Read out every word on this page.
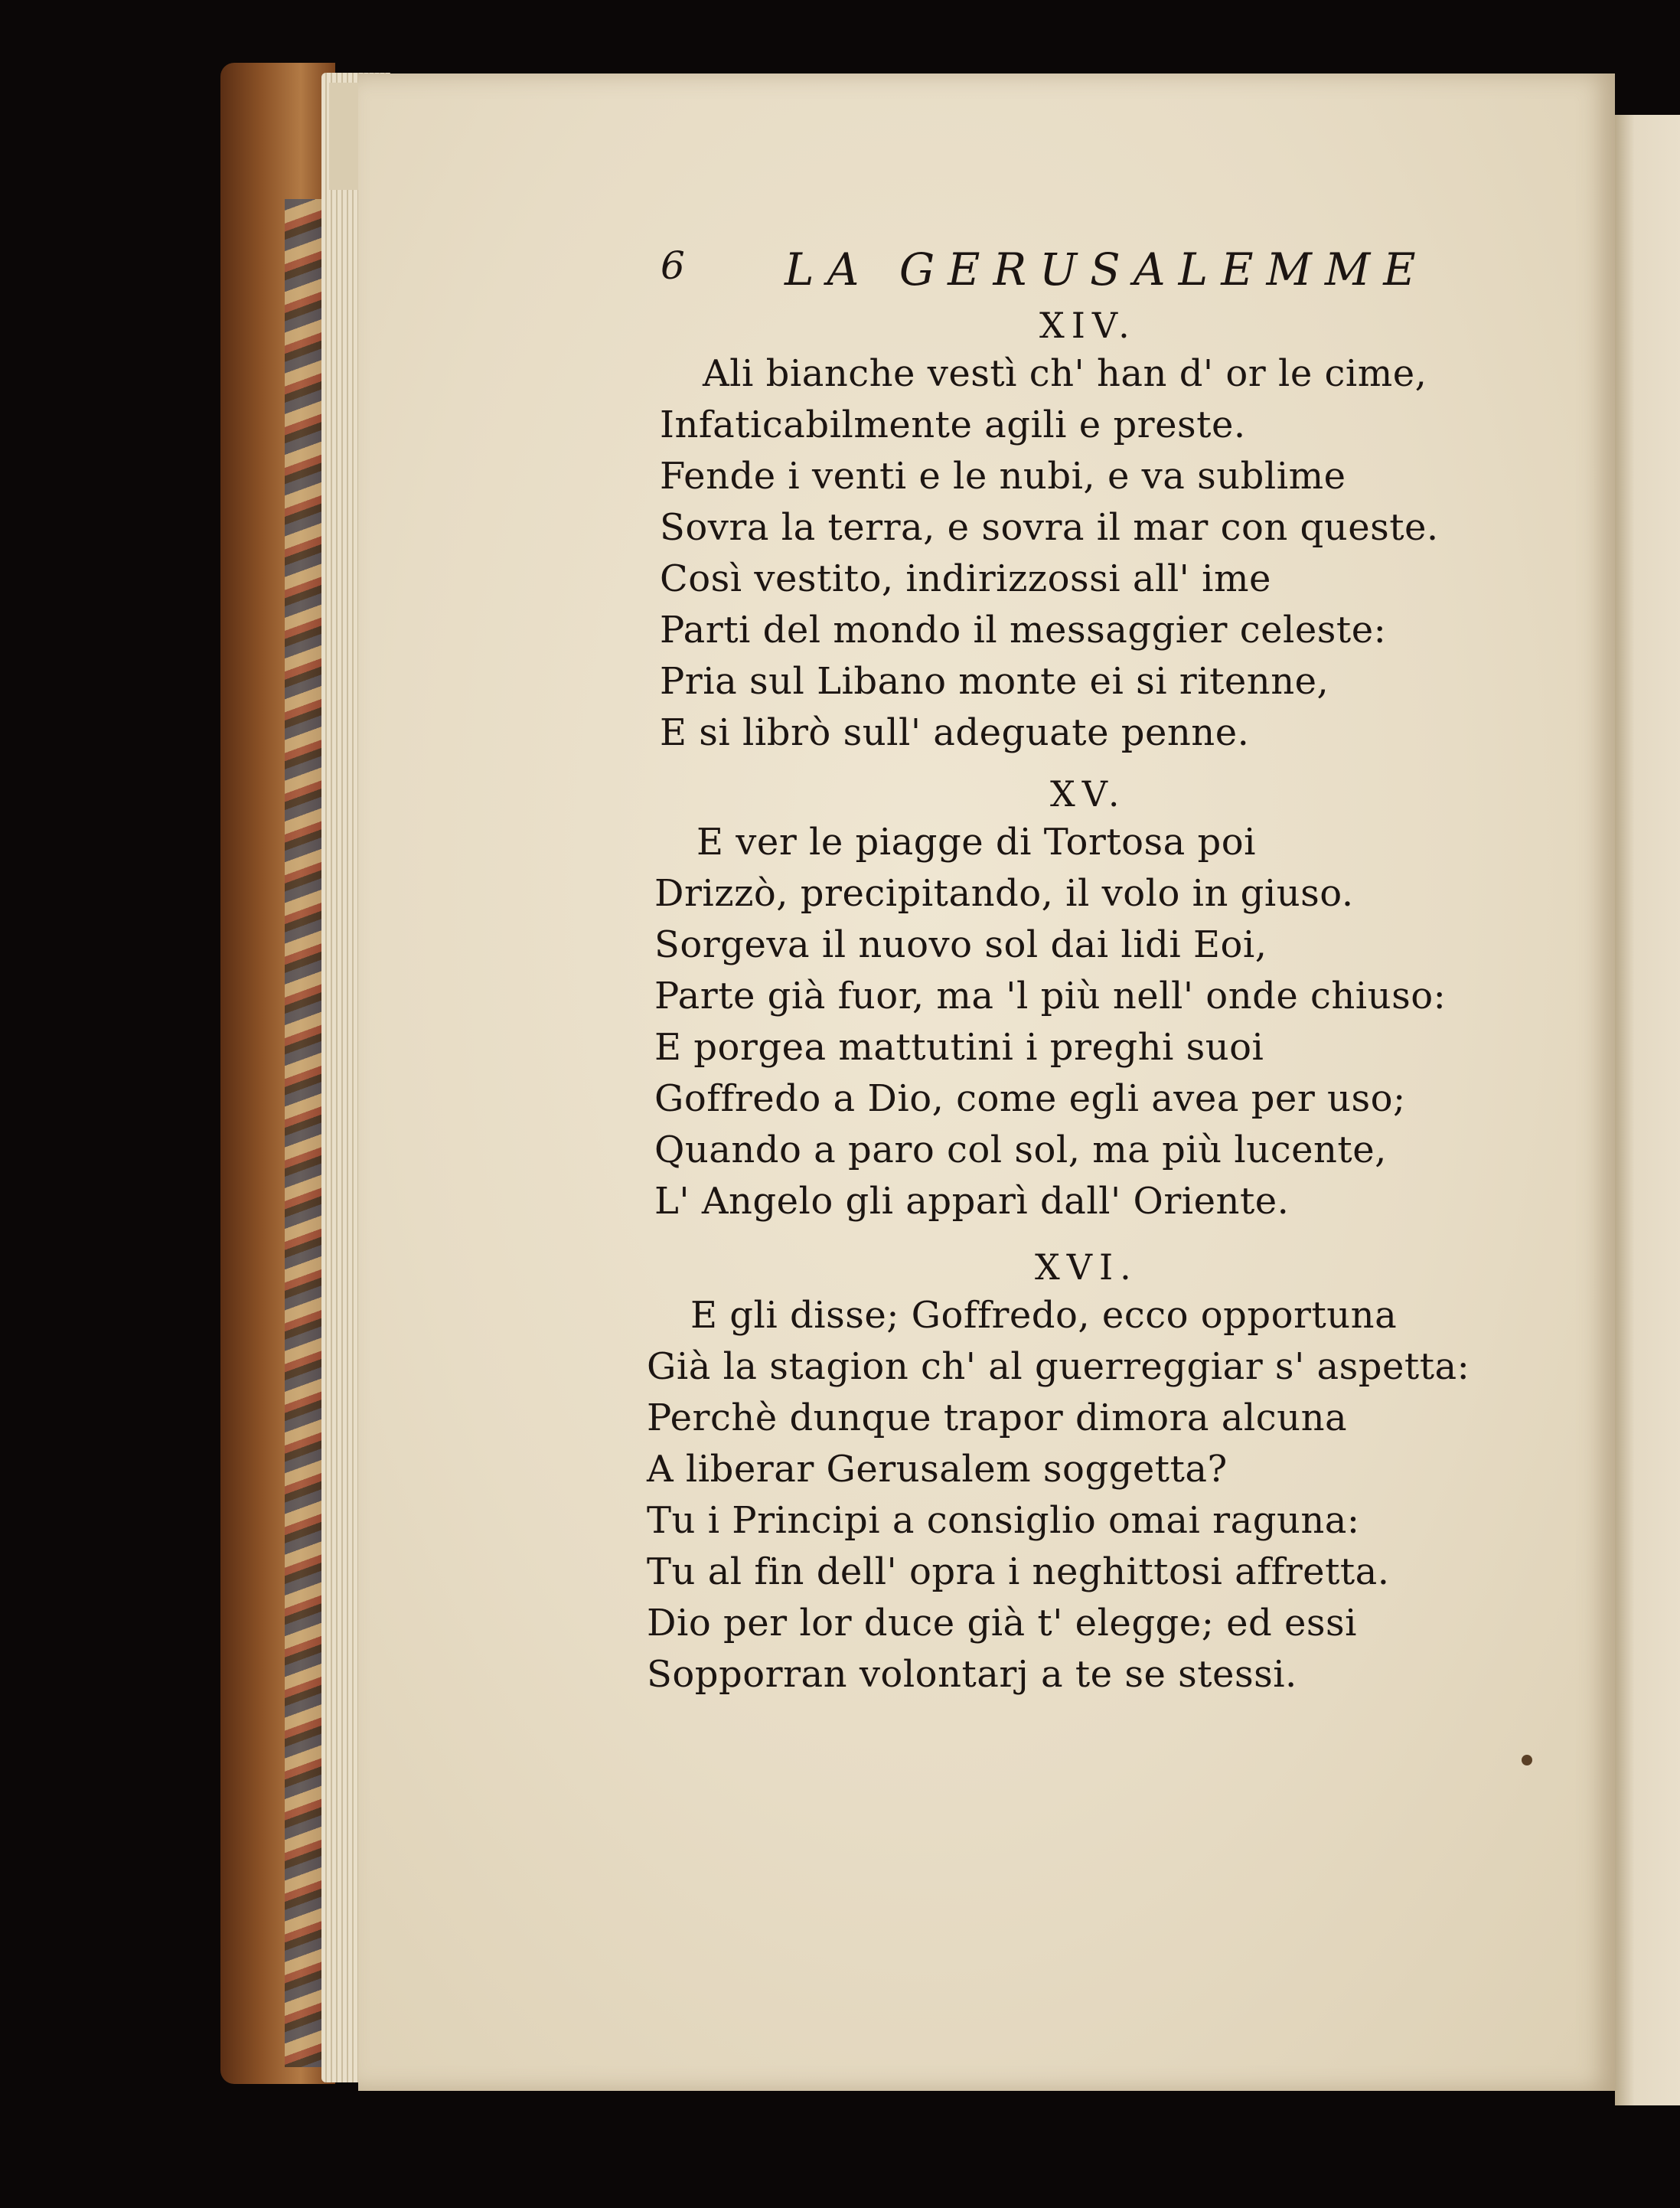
6 LA GERUSALEMME
XIV.
Ali bianche vestì ch' han d' or le cime,
Infaticabilmente agili e preste.
Fende i venti e le nubi, e va sublime
Sovra la terra, e sovra il mar con queste.
Così vestito, indirizzossi all' ime
Parti del mondo il messaggier celeste:
Pria sul Libano monte ei si ritenne,
E si librò sull' adeguate penne.
XV.
E ver le piagge di Tortosa poi
Drizzò, precipitando, il volo in giuso.
Sorgeva il nuovo sol dai lidi Eoi,
Parte già fuor, ma 'l più nell' onde chiuso:
E porgea mattutini i preghi suoi
Goffredo a Dio, come egli avea per uso;
Quando a paro col sol, ma più lucente,
L' Angelo gli apparì dall' Oriente.
XVI.
E gli disse; Goffredo, ecco opportuna
Già la stagion ch' al guerreggiar s' aspetta:
Perchè dunque trapor dimora alcuna
A liberar Gerusalem soggetta?
Tu i Principi a consiglio omai raguna:
Tu al fin dell' opra i neghittosi affretta.
Dio per lor duce già t' elegge; ed essi
Sopporran volontarj a te se stessi.
